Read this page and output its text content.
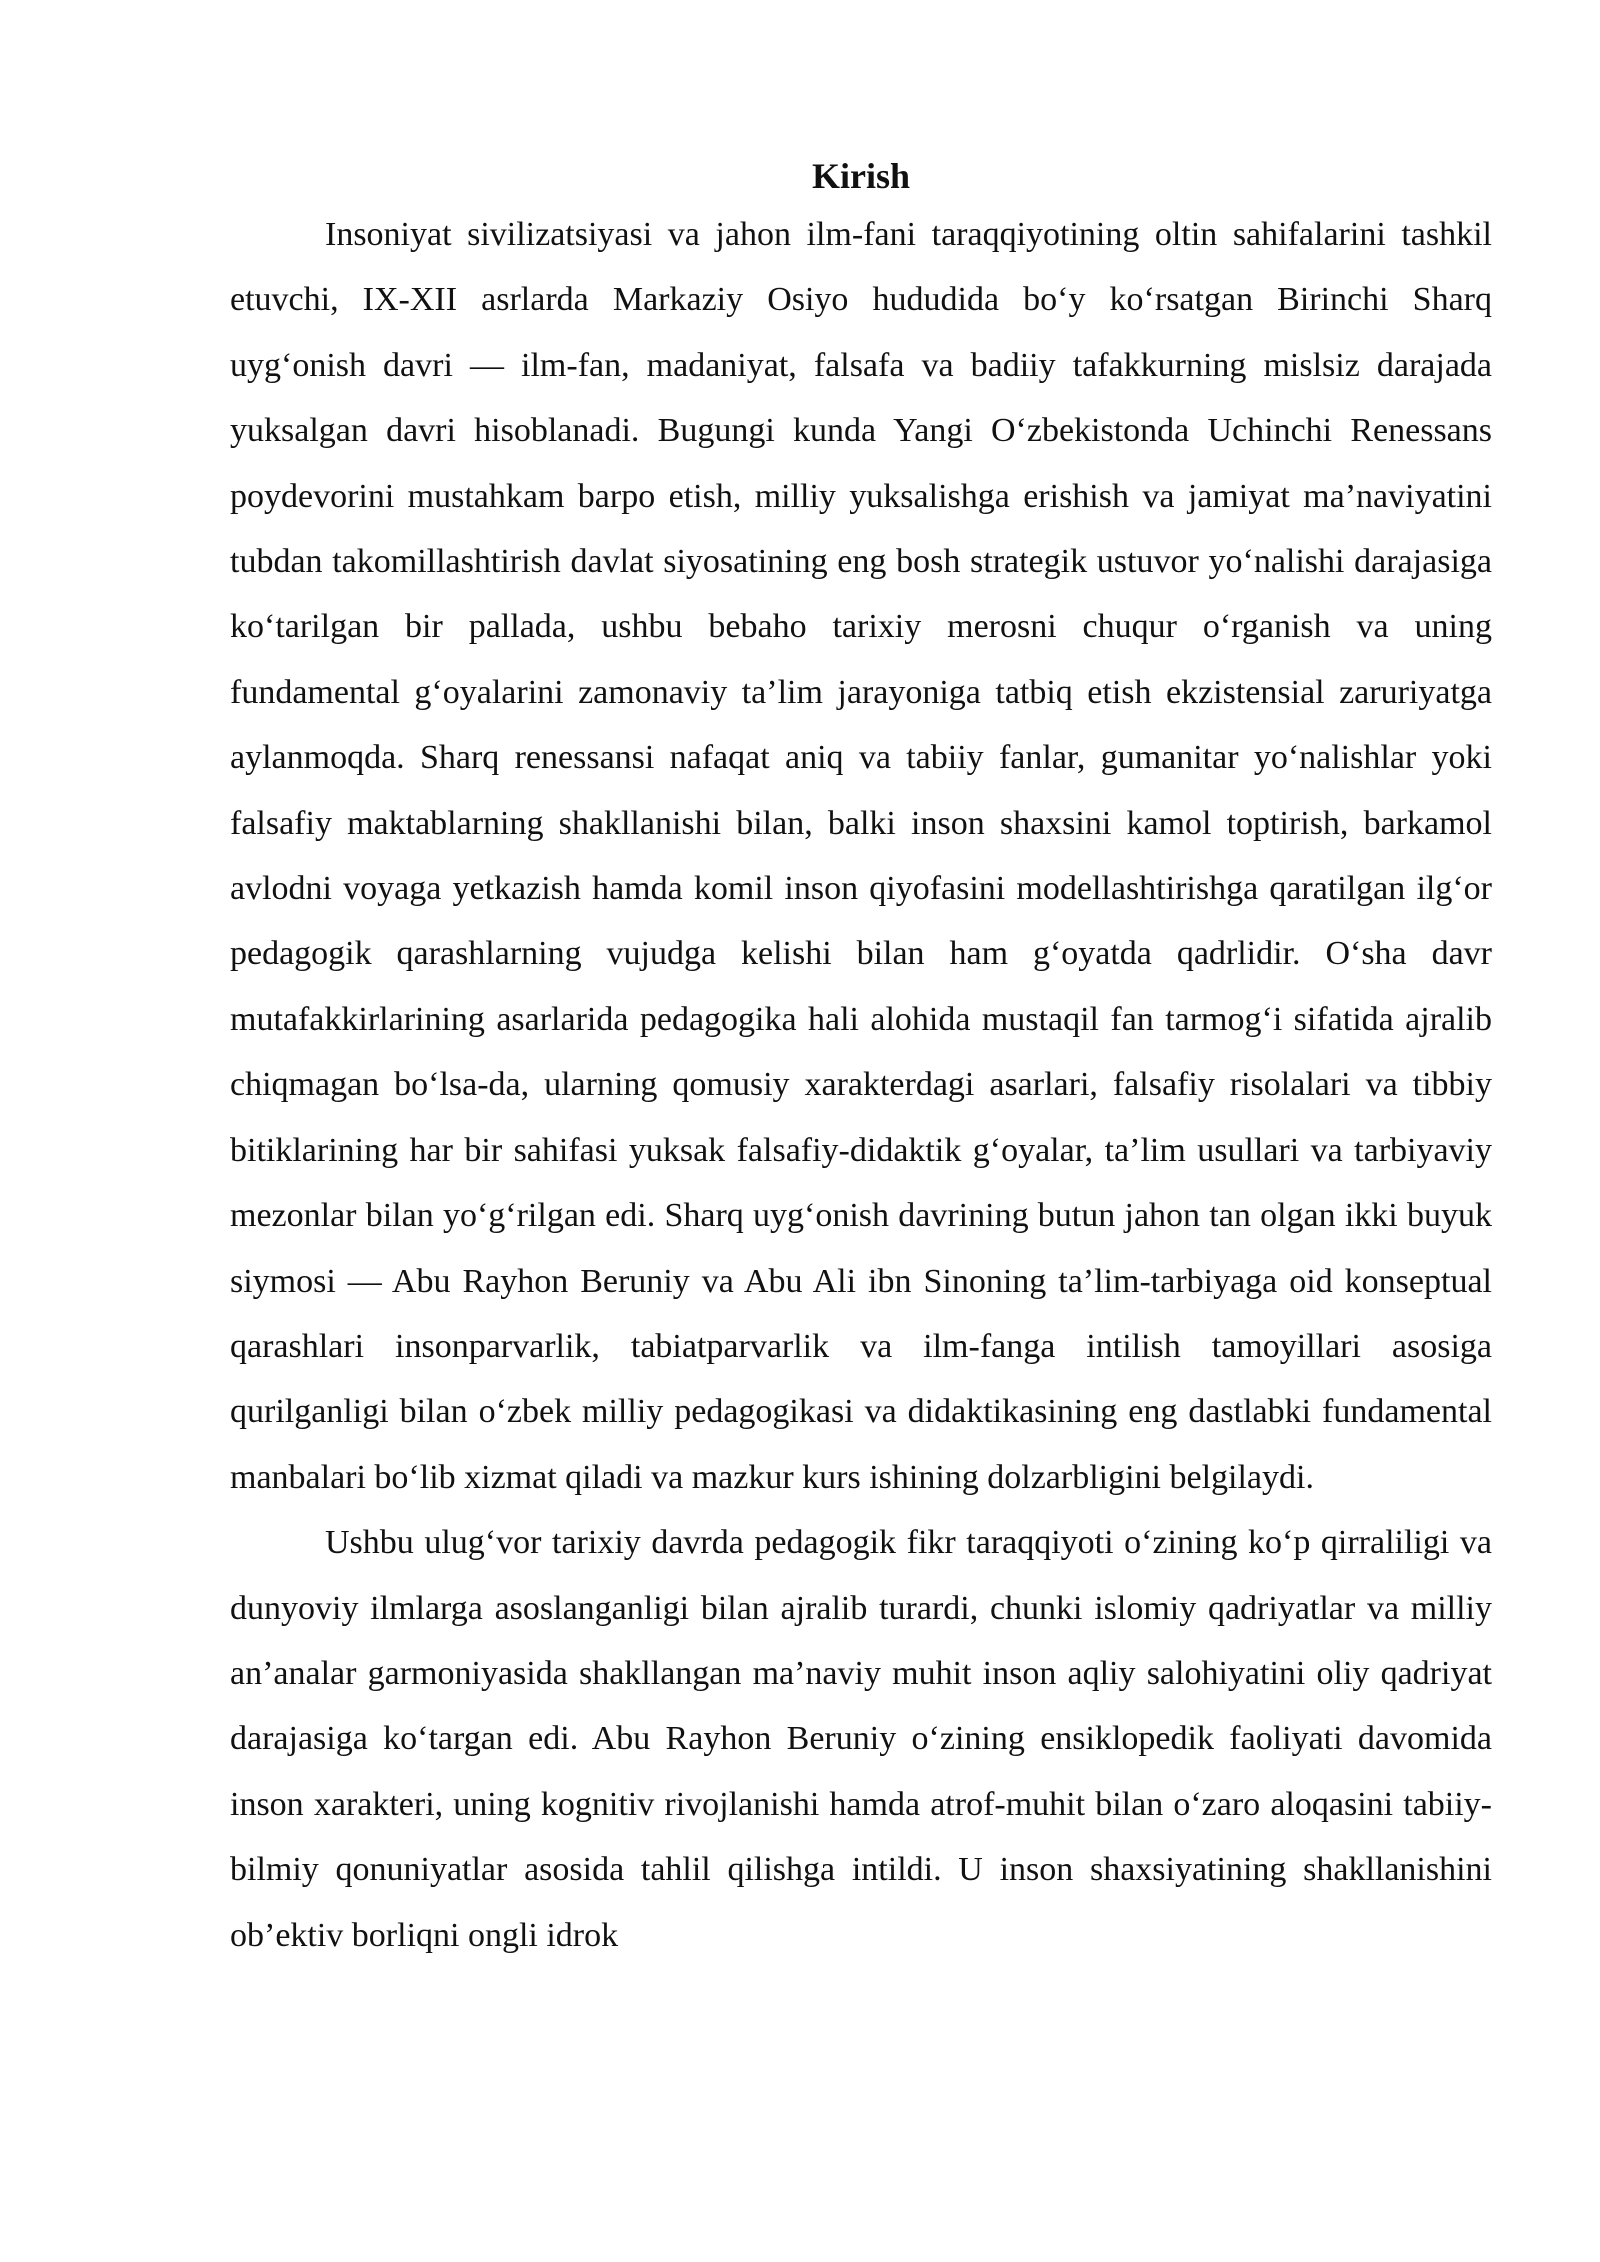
Kirish

Insoniyat sivilizatsiyasi va jahon ilm-fani taraqqiyotining oltin sahifalarini tashkil etuvchi, IX-XII asrlarda Markaziy Osiyo hududida bo‘y ko‘rsatgan Birinchi Sharq uyg‘onish davri — ilm-fan, madaniyat, falsafa va badiiy tafakkurning mislsiz darajada yuksalgan davri hisoblanadi. Bugungi kunda Yangi O‘zbekistonda Uchinchi Renessans poydevorini mustahkam barpo etish, milliy yuksalishga erishish va jamiyat ma’naviyatini tubdan takomillashtirish davlat siyosatining eng bosh strategik ustuvor yo‘nalishi darajasiga ko‘tarilgan bir pallada, ushbu bebaho tarixiy merosni chuqur o‘rganish va uning fundamental g‘oyalarini zamonaviy ta’lim jarayoniga tatbiq etish ekzistensial zaruriyatga aylanmoqda. Sharq renessansi nafaqat aniq va tabiiy fanlar, gumanitar yo‘nalishlar yoki falsafiy maktablarning shakllanishi bilan, balki inson shaxsini kamol toptirish, barkamol avlodni voyaga yetkazish hamda komil inson qiyofasini modellashtirishga qaratilgan ilg‘or pedagogik qarashlarning vujudga kelishi bilan ham g‘oyatda qadrlidir. O‘sha davr mutafakkirlarining asarlarida pedagogika hali alohida mustaqil fan tarmog‘i sifatida ajralib chiqmagan bo‘lsa-da, ularning qomusiy xarakterdagi asarlari, falsafiy risolalari va tibbiy bitiklarining har bir sahifasi yuksak falsafiy-didaktik g‘oyalar, ta’lim usullari va tarbiyaviy mezonlar bilan yo‘g‘rilgan edi. Sharq uyg‘onish davrining butun jahon tan olgan ikki buyuk siymosi — Abu Rayhon Beruniy va Abu Ali ibn Sinoning ta’lim-tarbiyaga oid konseptual qarashlari insonparvarlik, tabiatparvarlik va ilm-fanga intilish tamoyillari asosiga qurilganligi bilan o‘zbek milliy pedagogikasi va didaktikasining eng dastlabki fundamental manbalari bo‘lib xizmat qiladi va mazkur kurs ishining dolzarbligini belgilaydi.

Ushbu ulug‘vor tarixiy davrda pedagogik fikr taraqqiyoti o‘zining ko‘p qirraliligi va dunyoviy ilmlarga asoslanganligi bilan ajralib turardi, chunki islomiy qadriyatlar va milliy an’analar garmoniyasida shakllangan ma’naviy muhit inson aqliy salohiyatini oliy qadriyat darajasiga ko‘targan edi. Abu Rayhon Beruniy o‘zining ensiklopedik faoliyati davomida inson xarakteri, uning kognitiv rivojlanishi hamda atrof-muhit bilan o‘zaro aloqasini tabiiy-bilmiy qonuniyatlar asosida tahlil qilishga intildi. U inson shaxsiyatining shakllanishini ob’ektiv borliqni ongli idrok
